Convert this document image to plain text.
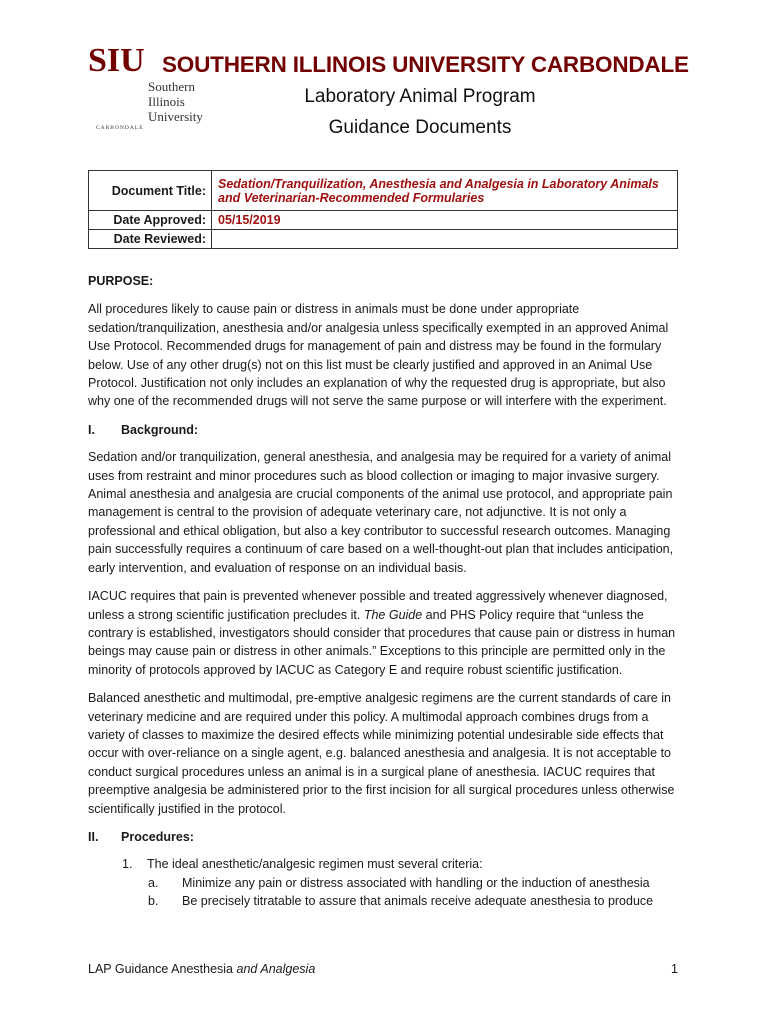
SIU
Southern
Illinois
University
CARBONDALE
SOUTHERN ILLINOIS UNIVERSITY CARBONDALE
Laboratory Animal Program
Guidance Documents
Document Title:	Sedation/Tranquilization, Anesthesia and Analgesia in Laboratory Animals and Veterinarian-Recommended Formularies
Date Approved:	05/15/2019
Date Reviewed:	
PURPOSE:

All procedures likely to cause pain or distress in animals must be done under appropriate sedation/tranquilization, anesthesia and/or analgesia unless specifically exempted in an approved Animal Use Protocol. Recommended drugs for management of pain and distress may be found in the formulary below. Use of any other drug(s) not on this list must be clearly justified and approved in an Animal Use Protocol. Justification not only includes an explanation of why the requested drug is appropriate, but also why one of the recommended drugs will not serve the same purpose or will interfere with the experiment.

I.	Background:

Sedation and/or tranquilization, general anesthesia, and analgesia may be required for a variety of animal uses from restraint and minor procedures such as blood collection or imaging to major invasive surgery. Animal anesthesia and analgesia are crucial components of the animal use protocol, and appropriate pain management is central to the provision of adequate veterinary care, not adjunctive. It is not only a professional and ethical obligation, but also a key contributor to successful research outcomes. Managing pain successfully requires a continuum of care based on a well-thought-out plan that includes anticipation, early intervention, and evaluation of response on an individual basis.

IACUC requires that pain is prevented whenever possible and treated aggressively whenever diagnosed, unless a strong scientific justification precludes it. The Guide and PHS Policy require that “unless the contrary is established, investigators should consider that procedures that cause pain or distress in human beings may cause pain or distress in other animals.” Exceptions to this principle are permitted only in the minority of protocols approved by IACUC as Category E and require robust scientific justification.

Balanced anesthetic and multimodal, pre-emptive analgesic regimens are the current standards of care in veterinary medicine and are required under this policy. A multimodal approach combines drugs from a variety of classes to maximize the desired effects while minimizing potential undesirable side effects that occur with over-reliance on a single agent, e.g. balanced anesthesia and analgesia. It is not acceptable to conduct surgical procedures unless an animal is in a surgical plane of anesthesia. IACUC requires that preemptive analgesia be administered prior to the first incision for all surgical procedures unless otherwise scientifically justified in the protocol.

II.	Procedures:
1.	The ideal anesthetic/analgesic regimen must several criteria:
a.	Minimize any pain or distress associated with handling or the induction of anesthesia
b.	Be precisely titratable to assure that animals receive adequate anesthesia to produce
LAP Guidance Anesthesia and Analgesia	1
